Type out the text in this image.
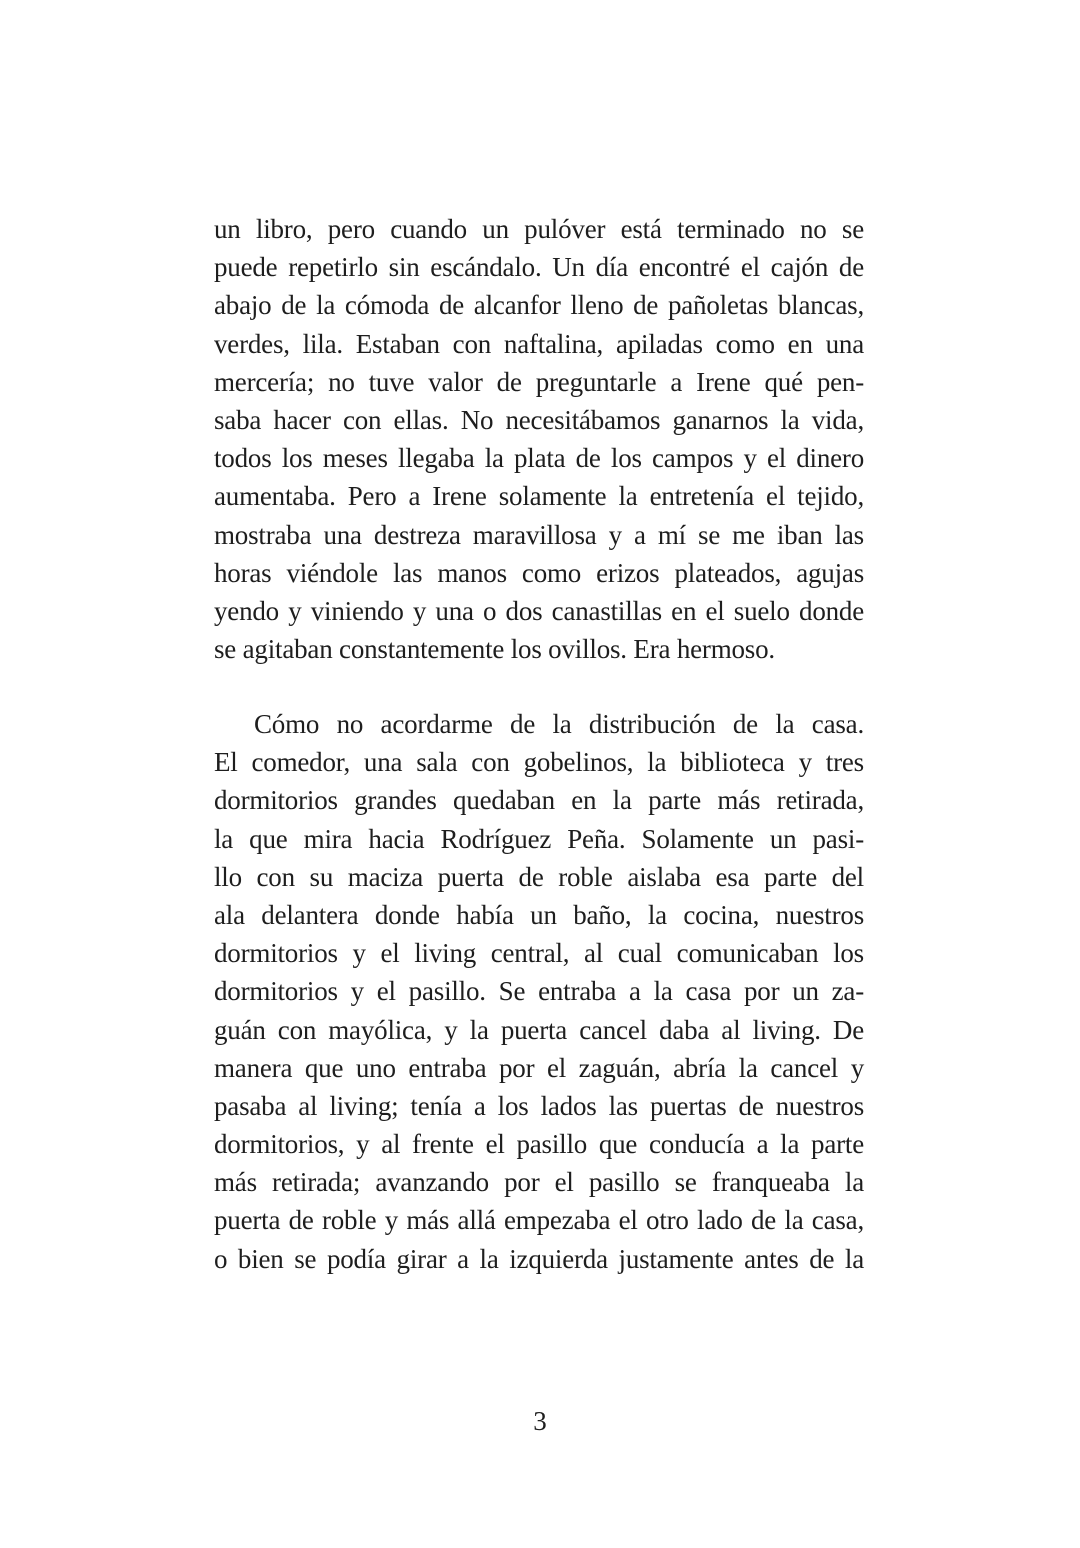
un libro, pero cuando un pulóver está terminado no se
puede repetirlo sin escándalo. Un día encontré el cajón de
abajo de la cómoda de alcanfor lleno de pañoletas blancas,
verdes, lila. Estaban con naftalina, apiladas como en una
mercería; no tuve valor de preguntarle a Irene qué pen-
saba hacer con ellas. No necesitábamos ganarnos la vida,
todos los meses llegaba la plata de los campos y el dinero
aumentaba. Pero a Irene solamente la entretenía el tejido,
mostraba una destreza maravillosa y a mí se me iban las
horas viéndole las manos como erizos plateados, agujas
yendo y viniendo y una o dos canastillas en el suelo donde
se agitaban constantemente los ovillos. Era hermoso.

Cómo no acordarme de la distribución de la casa.
El comedor, una sala con gobelinos, la biblioteca y tres
dormitorios grandes quedaban en la parte más retirada,
la que mira hacia Rodríguez Peña. Solamente un pasi-
llo con su maciza puerta de roble aislaba esa parte del
ala delantera donde había un baño, la cocina, nuestros
dormitorios y el living central, al cual comunicaban los
dormitorios y el pasillo. Se entraba a la casa por un za-
guán con mayólica, y la puerta cancel daba al living. De
manera que uno entraba por el zaguán, abría la cancel y
pasaba al living; tenía a los lados las puertas de nuestros
dormitorios, y al frente el pasillo que conducía a la parte
más retirada; avanzando por el pasillo se franqueaba la
puerta de roble y más allá empezaba el otro lado de la casa,
o bien se podía girar a la izquierda justamente antes de la

3
